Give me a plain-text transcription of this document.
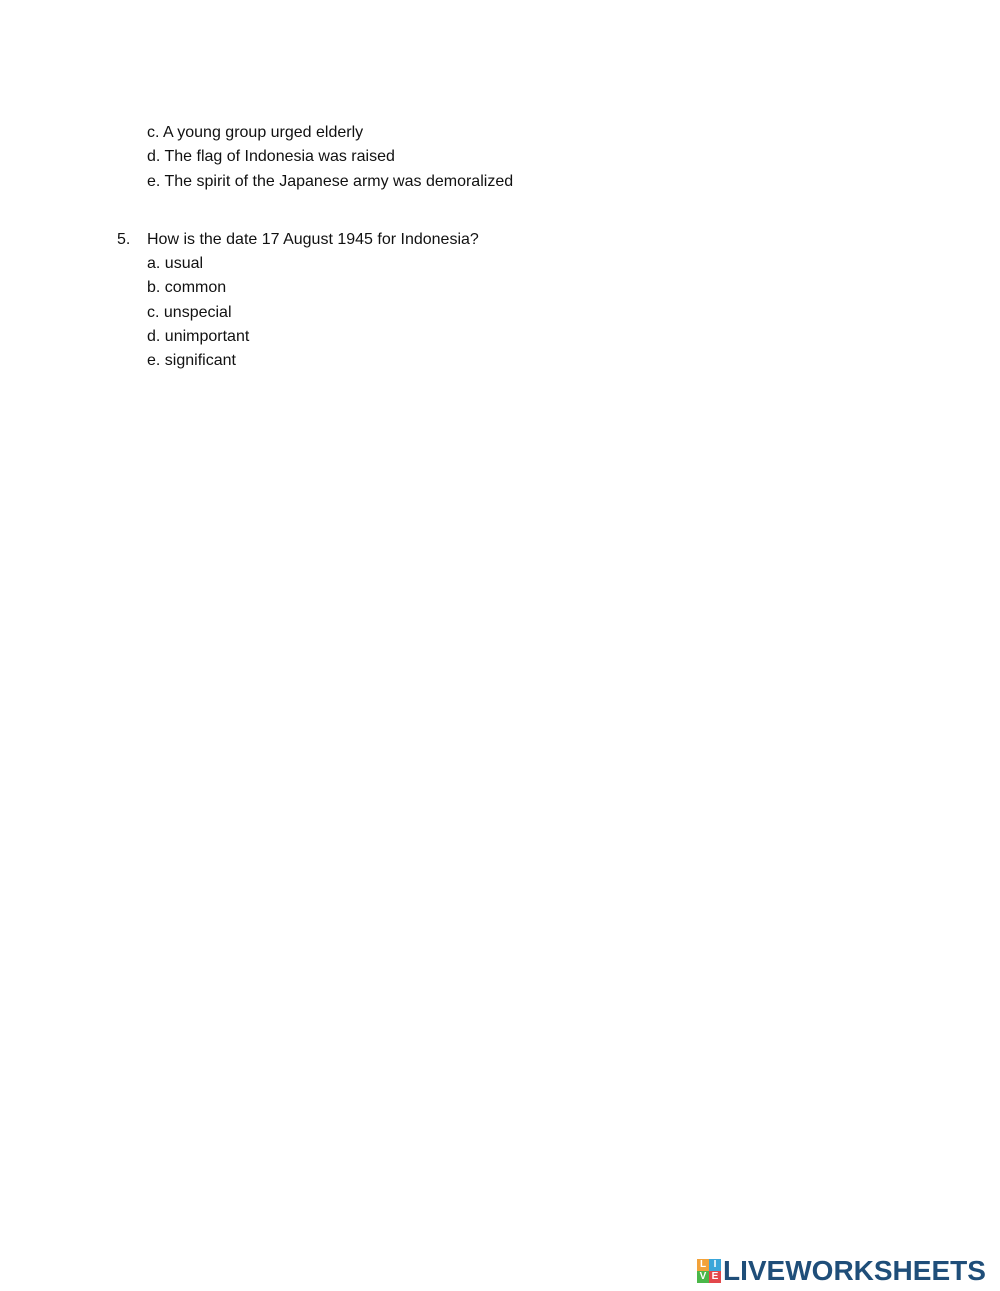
c. A young group urged elderly
d. The flag of Indonesia was raised
e. The spirit of the Japanese army was demoralized
5. How is the date 17 August 1945 for Indonesia?
a. usual
b. common
c. unspecial
d. unimportant
e. significant
L I
V E LIVEWORKSHEETS
